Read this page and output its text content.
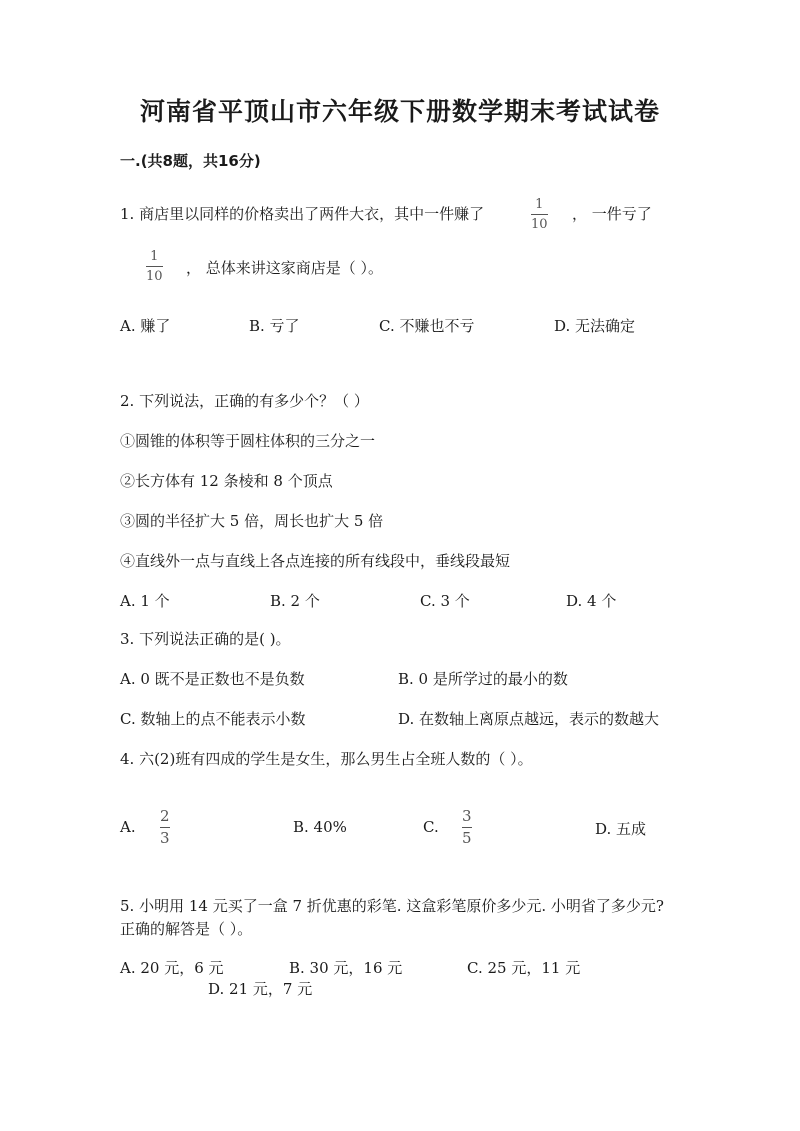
河南省平顶山市六年级下册数学期末考试试卷
一.(共8题，共16分)
1. 商店里以同样的价格卖出了两件大衣，其中一件赚了
1
10
， 一件亏了
1
10 ， 总体来讲这家商店是（ ）。
A. 赚了	B. 亏了	C. 不赚也不亏	D. 无法确定
2. 下列说法，正确的有多少个？（ ）
①圆锥的体积等于圆柱体积的三分之一
②长方体有 12 条棱和 8 个顶点
③圆的半径扩大 5 倍，周长也扩大 5 倍
④直线外一点与直线上各点连接的所有线段中，垂线段最短
A. 1 个	B. 2 个	C. 3 个	D. 4 个
3. 下列说法正确的是( )。
A. 0 既不是正数也不是负数	B. 0 是所学过的最小的数
C. 数轴上的点不能表示小数	D. 在数轴上离原点越远，表示的数越大
4. 六(2)班有四成的学生是女生，那么男生占全班人数的（ ）。
A.
2
3
B. 40%	C.
3
5	D. 五成
5. 小明用 14 元买了一盒 7 折优惠的彩笔. 这盒彩笔原价多少元. 小明省了多少元?
正确的解答是（ ）。
A. 20 元，6 元	B. 30 元，16 元	C. 25 元，11 元
D. 21 元，7 元
